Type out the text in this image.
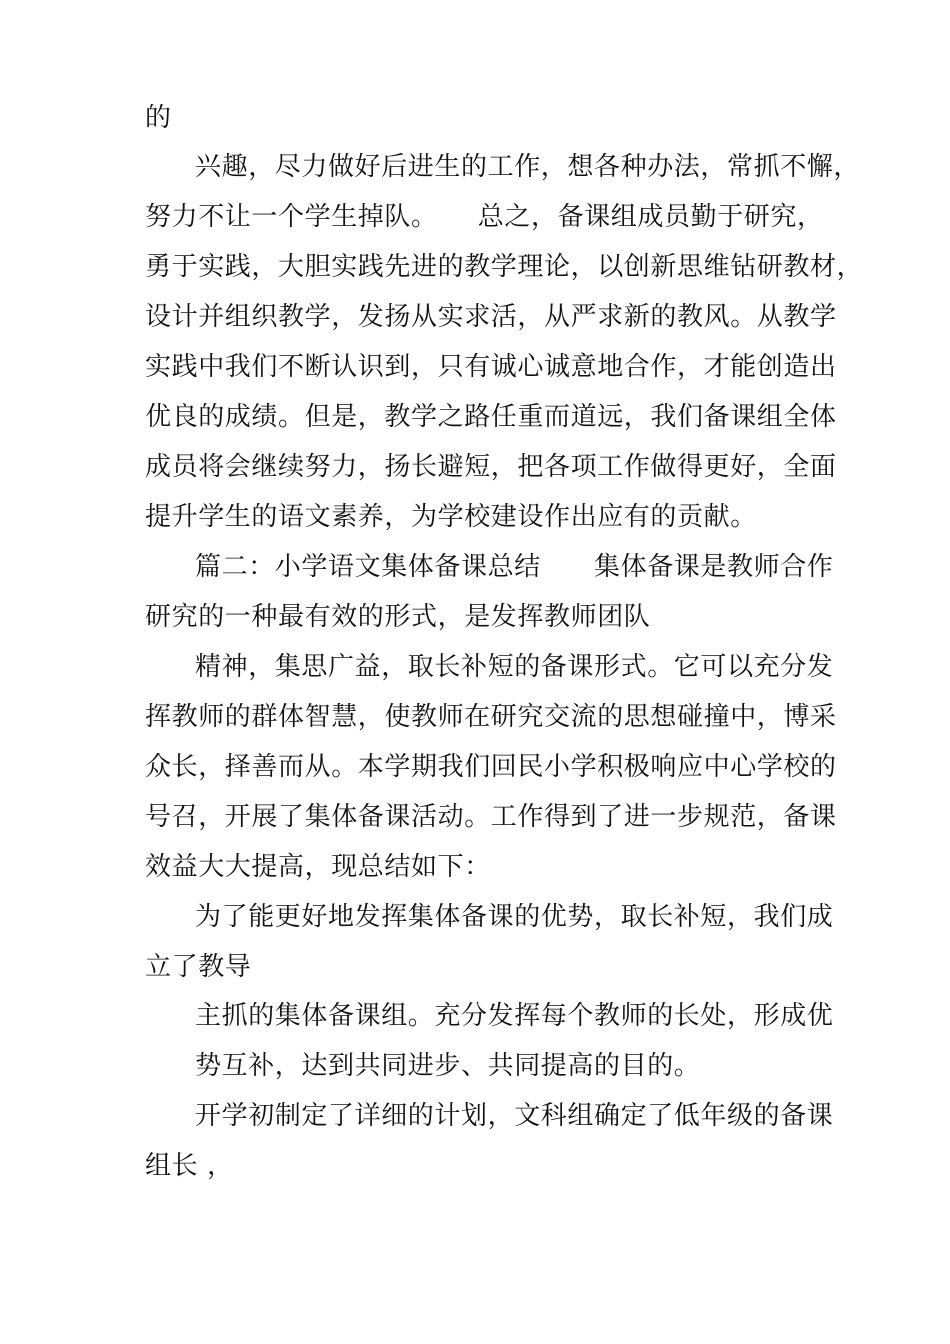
的
兴趣，尽力做好后进生的工作，想各种办法，常抓不懈，
努力不让一个学生掉队。　　总之，备课组成员勤于研究，
勇于实践，大胆实践先进的教学理论，以创新思维钻研教材，
设计并组织教学，发扬从实求活，从严求新的教风。从教学
实践中我们不断认识到，只有诚心诚意地合作，才能创造出
优良的成绩。但是，教学之路任重而道远，我们备课组全体
成员将会继续努力，扬长避短，把各项工作做得更好，全面
提升学生的语文素养，为学校建设作出应有的贡献。
篇二：小学语文集体备课总结　　集体备课是教师合作
研究的一种最有效的形式，是发挥教师团队
精神，集思广益，取长补短的备课形式。它可以充分发
挥教师的群体智慧，使教师在研究交流的思想碰撞中，博采
众长，择善而从。本学期我们回民小学积极响应中心学校的
号召，开展了集体备课活动。工作得到了进一步规范，备课
效益大大提高，现总结如下：
为了能更好地发挥集体备课的优势，取长补短，我们成
立了教导
主抓的集体备课组。充分发挥每个教师的长处，形成优
势互补，达到共同进步、共同提高的目的。
开学初制定了详细的计划，文科组确定了低年级的备课
组长 ，
